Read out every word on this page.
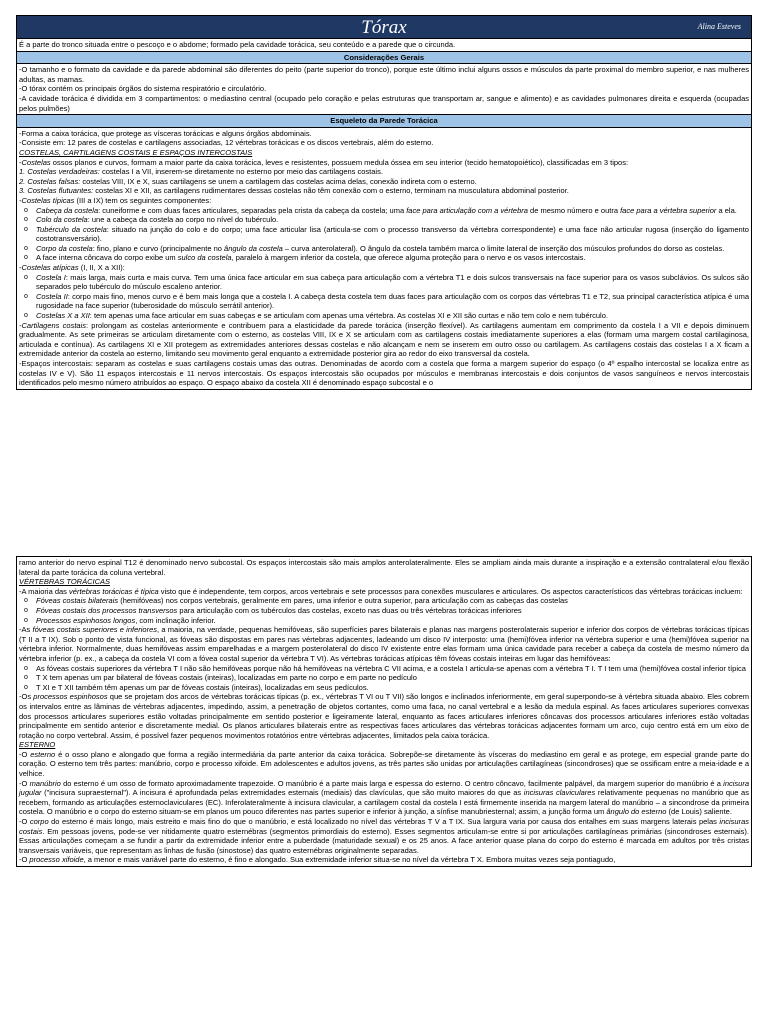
Tórax	Alina Esteves
É a parte do tronco situada entre o pescoço e o abdome; formado pela cavidade torácica, seu conteúdo e a parede que o circunda.
Considerações Gerais

-O tamanho e o formato da cavidade e da parede abdominal são diferentes do peito (parte superior do tronco), porque este último inclui alguns ossos e músculos da parte proximal do membro superior, e nas mulheres adultas, as mamas.

-O tórax contém os principais órgãos do sistema respiratório e circulatório.

-A cavidade torácica é dividida em 3 compartimentos: o mediastino central (ocupado pelo coração e pelas estruturas que transportam ar, sangue e alimento) e as cavidades pulmonares direita e esquerda (ocupadas pelos pulmões)

Esqueleto da Parede Torácica

-Forma a caixa torácica, que protege as vísceras torácicas e alguns órgãos abdominais.

-Consiste em: 12 pares de costelas e cartilagens associadas, 12 vértebras torácicas e os discos vertebrais, além do esterno.

COSTELAS, CARTILAGENS COSTAIS E ESPAÇOS INTERCOSTAIS

-Costelas ossos planos e curvos, formam a maior parte da caixa torácica, leves e resistentes, possuem medula óssea em seu interior (tecido hematopoiético), classificadas em 3 tipos:

1. Costelas verdadeiras: costelas I a VII, inserem-se diretamente no esterno por meio das cartilagens costais.

2. Costelas falsas: costelas VIII, IX e X, suas cartilagens se unem a cartilagem das costelas acima delas, conexão indireta com o esterno.

3. Costelas flutuantes: costelas XI e XII, as cartilagens rudimentares dessas costelas não têm conexão com o esterno, terminam na musculatura abdominal posterior.

-Costelas típicas (III a IX) tem os seguintes componentes:

o Cabeça da costela: cuneiforme e com duas faces articulares, separadas pela crista da cabeça da costela; uma face para articulação com a vértebra de mesmo número e outra face para a vértebra superior a ela.

o Colo da costela: une a cabeça da costela ao corpo no nível do tubérculo.

o Tubérculo da costela: situado na junção do colo e do corpo; uma face articular lisa (articula-se com o processo transverso da vértebra correspondente) e uma face não articular rugosa (inserção do ligamento costotransversário).

o Corpo da costela: fino, plano e curvo (principalmente no ângulo da costela – curva anterolateral). O ângulo da costela também marca o limite lateral de inserção dos músculos profundos do dorso as costelas.

o A face interna côncava do corpo exibe um sulco da costela, paralelo à margem inferior da costela, que oferece alguma proteção para o nervo e os vasos intercostais.

-Costelas atípicas (I, II, X a XII):

o Costela I: mais larga, mais curta e mais curva. Tem uma única face articular em sua cabeça para articulação com a vértebra T1 e dois sulcos transversais na face superior para os vasos subclávios. Os sulcos são separados pelo tubérculo do músculo escaleno anterior.

o Costela II: corpo mais fino, menos curvo e é bem mais longa que a costela I. A cabeça desta costela tem duas faces para articulação com os corpos das vértebras T1 e T2, sua principal característica atípica é uma rugosidade na face superior (tuberosidade do músculo serrátil anterior).

o Costelas X a XII: tem apenas uma face articular em suas cabeças e se articulam com apenas uma vértebra. As costelas XI e XII são curtas e não tem colo e nem tubérculo.

-Cartilagens costais: prolongam as costelas anteriormente e contribuem para a elasticidade da parede torácica (inserção flexível). As cartilagens aumentam em comprimento da costela I a VII e depois diminuem gradualmente. As sete primeiras se articulam diretamente com o esterno, as costelas VIII, IX e X se articulam com as cartilagens costais imediatamente superiores a elas (formam uma margem costal cartilaginosa, articulada e contínua). As cartilagens XI e XII protegem as extremidades anteriores dessas costelas e não alcançam e nem se inserem em outro osso ou cartilagem. As cartilagens costais das costelas I a X ficam a extremidade anterior da costela ao esterno, limitando seu movimento geral enquanto a extremidade posterior gira ao redor do eixo transversal da costela.

-Espaços intercostais: separam as costelas e suas cartilagens costais umas das outras. Denominadas de acordo com a costela que forma a margem superior do espaço (o 4º espalho intercostal se localiza entre as costelas IV e V). São 11 espaços intercostais e 11 nervos intercostais. Os espaços intercostais são ocupados por músculos e membranas intercostais e dois conjuntos de vasos sanguíneos e nervos intercostais identificados pelo mesmo número atribuídos ao espaço. O espaço abaixo da costela XII é denominado espaço subcostal e o

ramo anterior do nervo espinal T12 é denominado nervo subcostal. Os espaços intercostais são mais amplos anterolateralmente. Eles se ampliam ainda mais durante a inspiração e a extensão contralateral e/ou flexão lateral da parte torácica da coluna vertebral.

VÉRTEBRAS TORÁCICAS

-A maioria das vértebras torácicas é típica visto que é independente, tem corpos, arcos vertebrais e sete processos para conexões musculares e articulares. Os aspectos característicos das vértebras torácicas incluem:

o Fóveas costais bilaterais (hemifóveas) nos corpos vertebrais, geralmente em pares, uma inferior e outra superior, para articulação com as cabeças das costelas

o Fóveas costais dos processos transversos para articulação com os tubérculos das costelas, exceto nas duas ou três vértebras torácicas inferiores

o Processos espinhosos longos, com inclinação inferior.

-As fóveas costais superiores e inferiores, a maioria, na verdade, pequenas hemifóveas, são superfícies pares bilaterais e planas nas margens posterolaterais superior e inferior dos corpos de vértebras torácicas típicas (T II a T IX). Sob o ponto de vista funcional, as fóveas são dispostas em pares nas vértebras adjacentes, ladeando um disco IV interposto: uma (hemi)fóvea inferior na vértebra superior e uma (hemi)fóvea superior na vértebra inferior. Normalmente, duas hemifóveas assim emparelhadas e a margem posterolateral do disco IV existente entre elas formam uma única cavidade para receber a cabeça da costela de mesmo número da vértebra inferior (p. ex., a cabeça da costela VI com a fóvea costal superior da vértebra T VI). As vértebras torácicas atípicas têm fóveas costais inteiras em lugar das hemifóveas:

o As fóveas costais superiores da vértebra T I não são hemifóveas porque não há hemifóveas na vértebra C VII acima, e a costela I articula-se apenas com a vértebra T I. T I tem uma (hemi)fóvea costal inferior típica

o T X tem apenas um par bilateral de fóveas costais (inteiras), localizadas em parte no corpo e em parte no pedículo

o T XI e T XII também têm apenas um par de fóveas costais (inteiras), localizadas em seus pedículos.

-Os processos espinhosos que se projetam dos arcos de vértebras torácicas típicas (p. ex., vértebras T VI ou T VII) são longos e inclinados inferiormente, em geral superpondo-se à vértebra situada abaixo. Eles cobrem os intervalos entre as lâminas de vértebras adjacentes, impedindo, assim, a penetração de objetos cortantes, como uma faca, no canal vertebral e a lesão da medula espinal. As faces articulares superiores convexas dos processos articulares superiores estão voltadas principalmente em sentido posterior e ligeiramente lateral, enquanto as faces articulares inferiores côncavas dos processos articulares inferiores estão voltadas principalmente em sentido anterior e discretamente medial. Os planos articulares bilaterais entre as respectivas faces articulares das vértebras torácicas adjacentes formam um arco, cujo centro está em um eixo de rotação no corpo vertebral. Assim, é possível fazer pequenos movimentos rotatórios entre vértebras adjacentes, limitados pela caixa torácica.

ESTERNO

-O esterno é o osso plano e alongado que forma a região intermediária da parte anterior da caixa torácica. Sobrepõe-se diretamente às vísceras do mediastino em geral e as protege, em especial grande parte do coração. O esterno tem três partes: manúbrio, corpo e processo xifoide. Em adolescentes e adultos jovens, as três partes são unidas por articulações cartilagíneas (sincondroses) que se ossificam entre a meia-idade e a velhice.

-O manúbrio do esterno é um osso de formato aproximadamente trapezoide. O manúbrio é a parte mais larga e espessa do esterno. O centro côncavo, facilmente palpável, da margem superior do manúbrio é a incisura jugular ("incisura supraesternal"). A incisura é aprofundada pelas extremidades esternais (mediais) das clavículas, que são muito maiores do que as incisuras claviculares relativamente pequenas no manúbrio que as recebem, formando as articulações esternoclaviculares (EC). Inferolateralmente à incisura clavicular, a cartilagem costal da costela I está firmemente inserida na margem lateral do manúbrio – a sincondrose da primeira costela. O manúbrio e o corpo do esterno situam-se em planos um pouco diferentes nas partes superior e inferior à junção, a sínfise manubriesternal; assim, a junção forma um ângulo do esterno (de Louis) saliente.

-O corpo do esterno é mais longo, mais estreito e mais fino do que o manúbrio, e está localizado no nível das vértebras T V a T IX. Sua largura varia por causa dos entalhes em suas margens laterais pelas incisuras costais. Em pessoas jovens, pode-se ver nitidamente quatro esternébras (segmentos primordiais do esterno). Esses segmentos articulam-se entre si por articulações cartilagíneas primárias (sincondroses esternais). Essas articulações começam a se fundir a partir da extremidade inferior entre a puberdade (maturidade sexual) e os 25 anos. A face anterior quase plana do corpo do esterno é marcada em adultos por três cristas transversais variáveis, que representam as linhas de fusão (sinostose) das quatro esternébras originalmente separadas.

-O processo xifoide, a menor e mais variável parte do esterno, é fino e alongado. Sua extremidade inferior situa-se no nível da vértebra T X. Embora muitas vezes seja pontiagudo,
